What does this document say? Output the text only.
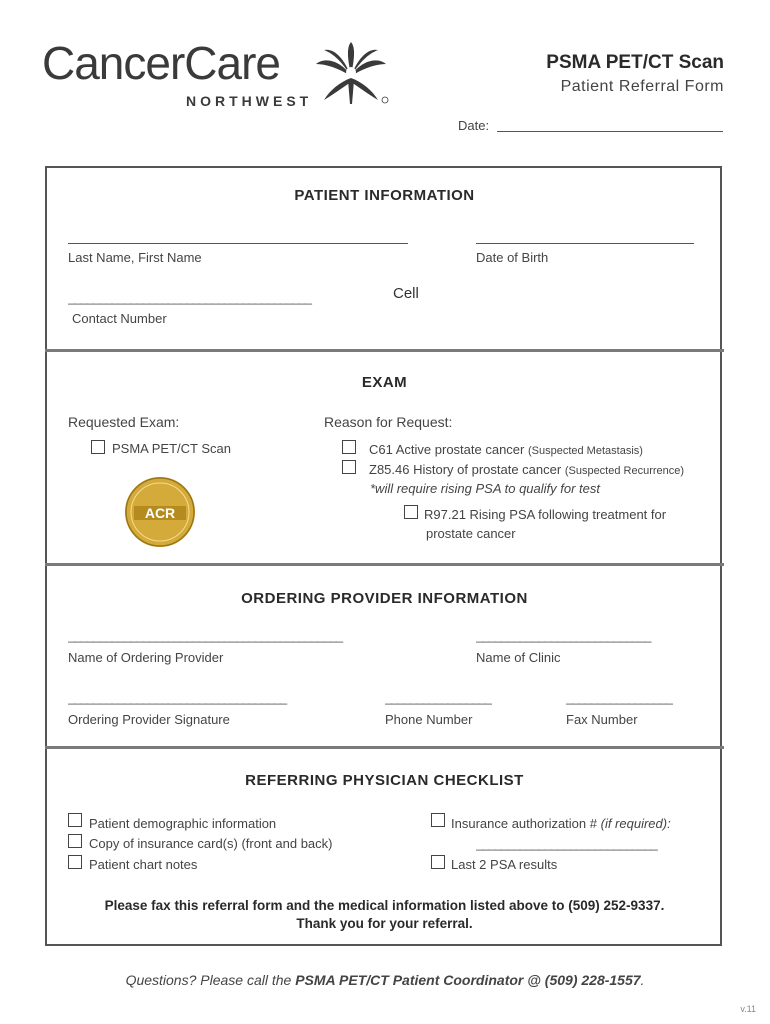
CancerCare
NORTHWEST
PSMA PET/CT Scan
Patient Referral Form
Date:
PATIENT INFORMATION
Last Name, First Name	Date of Birth
_______________________________________	Cell
Contact Number
EXAM
Requested Exam:
PSMA PET/CT Scan
ACR
Reason for Request:
C61 Active prostate cancer (Suspected Metastasis)
Z85.46 History of prostate cancer (Suspected Recurrence)
*will require rising PSA to qualify for test
R97.21 Rising PSA following treatment for
prostate cancer
ORDERING PROVIDER INFORMATION
____________________________________________	____________________________
Name of Ordering Provider	Name of Clinic
___________________________________	_________________	_________________
Ordering Provider Signature	Phone Number	Fax Number
REFERRING PHYSICIAN CHECKLIST
Patient demographic information
Copy of insurance card(s) (front and back)
Patient chart notes
Insurance authorization # (if required):
_____________________________
Last 2 PSA results
Please fax this referral form and the medical information listed above to (509) 252-9337.
Thank you for your referral.
Questions? Please call the PSMA PET/CT Patient Coordinator @ (509) 228-1557.
v.11
